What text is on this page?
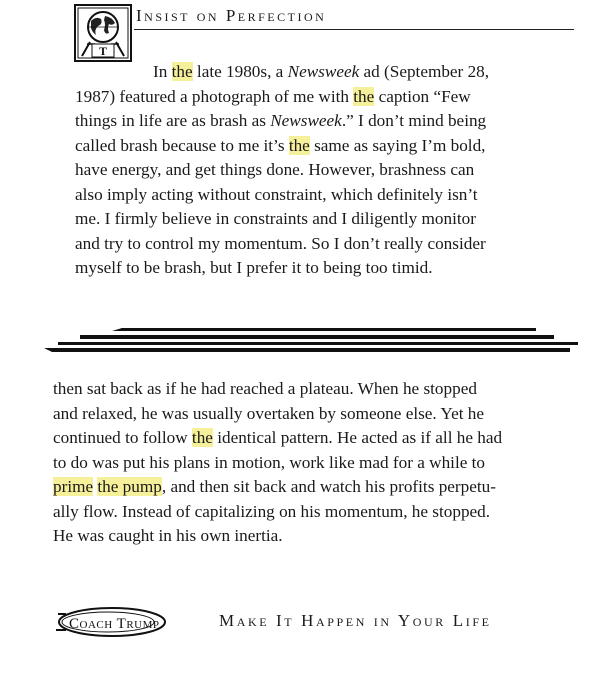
T
Insist on Perfection
In the late 1980s, a Newsweek ad (September 28,
1987) featured a photograph of me with the caption “Few
things in life are as brash as Newsweek.” I don’t mind being
called brash because to me it’s the same as saying I’m bold,
have energy, and get things done. However, brashness can
also imply acting without constraint, which definitely isn’t
me. I firmly believe in constraints and I diligently monitor
and try to control my momentum. So I don’t really consider
myself to be brash, but I prefer it to being too timid.
then sat back as if he had reached a plateau. When he stopped
and relaxed, he was usually overtaken by someone else. Yet he
continued to follow the identical pattern. He acted as if all he had
to do was put his plans in motion, work like mad for a while to
prime the pump, and then sit back and watch his profits perpetu-
ally flow. Instead of capitalizing on his momentum, he stopped.
He was caught in his own inertia.
Coach Trump	Make It Happen in Your Life
